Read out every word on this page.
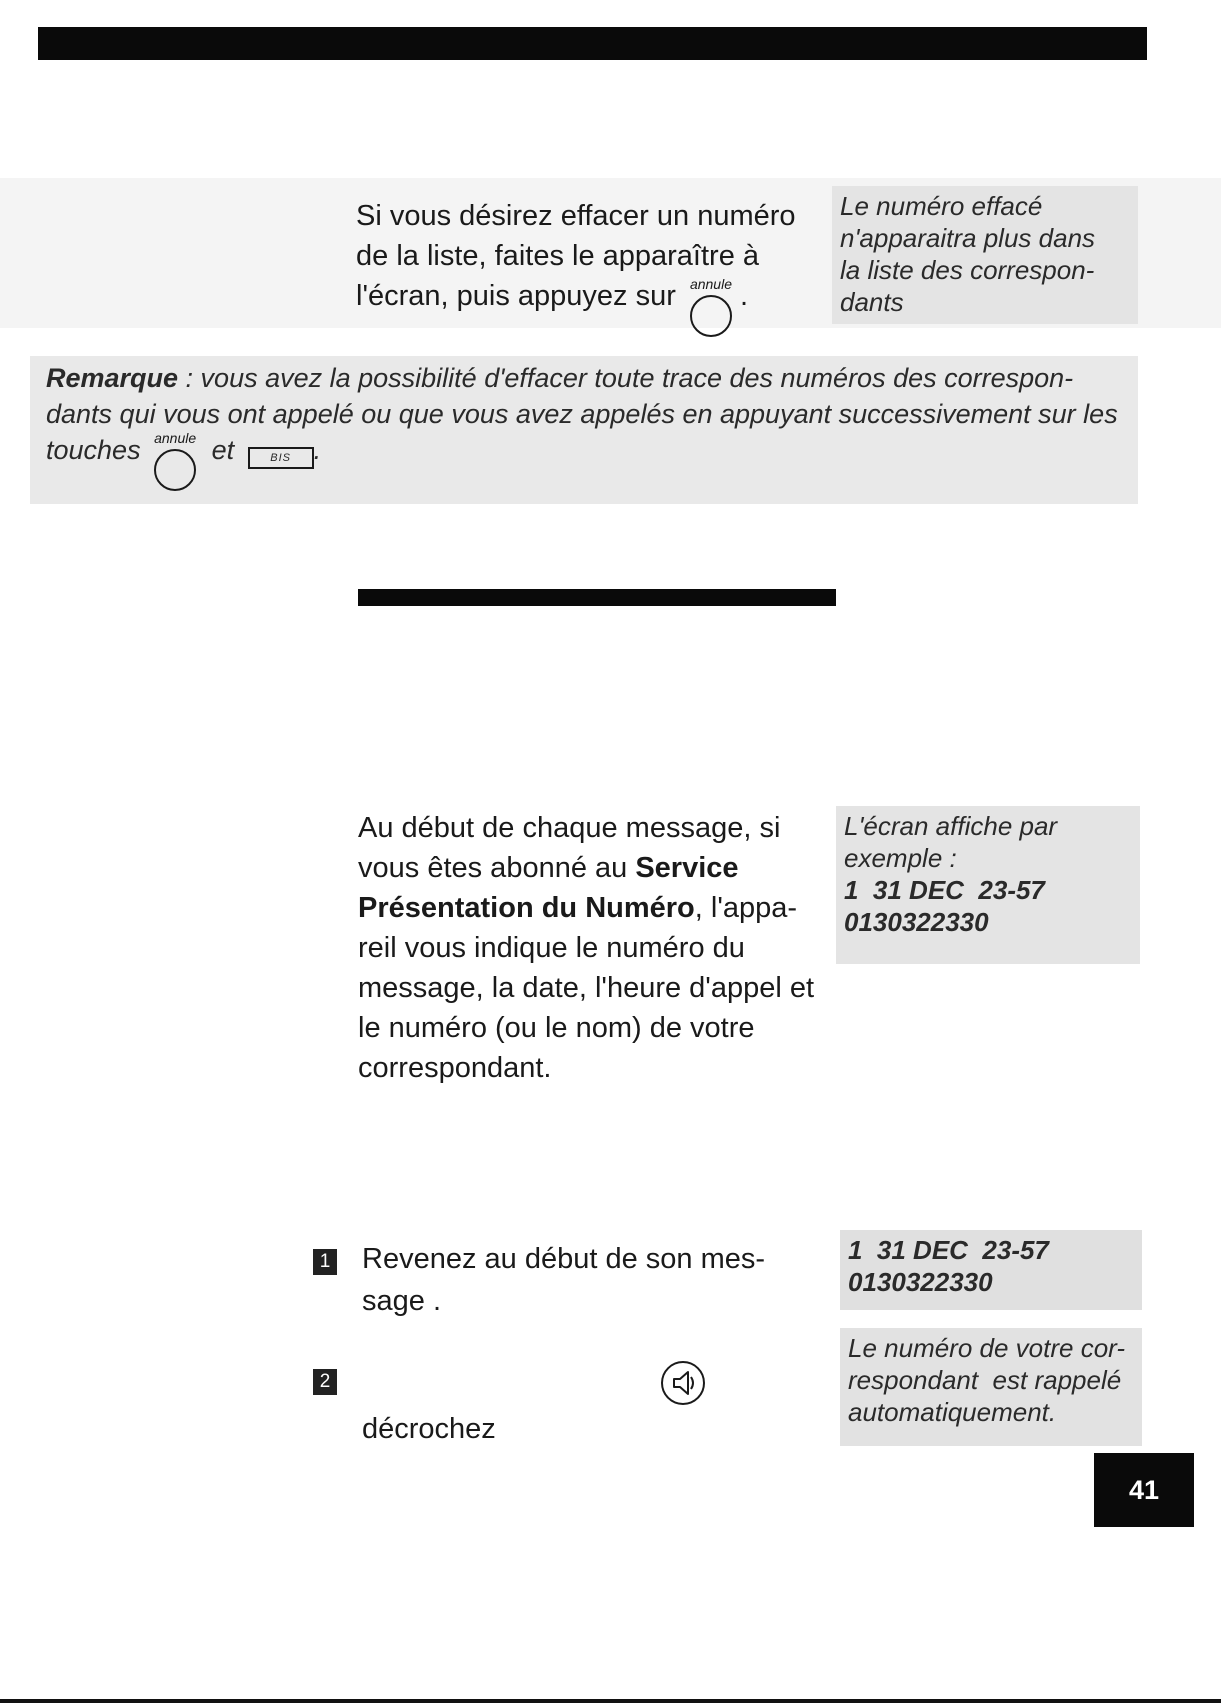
Si vous désirez effacer un numéro de la liste, faites le apparaître à l'écran, puis appuyez sur annule .
Le numéro effacé
n'apparaitra plus dans
la liste des correspon-
dants
Remarque : vous avez la possibilité d'effacer toute trace des numéros des correspon-dants qui vous ont appelé ou que vous avez appelés en appuyant successivement sur les touches annule et	BIS .
Au début de chaque message, si vous êtes abonné au Service Présentation du Numéro, l'appa-reil vous indique le numéro du message, la date, l'heure d'appel et le numéro (ou le nom) de votre correspondant.
L'écran affiche par
exemple :
1  31 DEC  23-57
0130322330
1 Revenez au début de son mes-sage .
2
décrochez
1  31 DEC  23-57
0130322330
Le numéro de votre cor-
respondant  est rappelé
automatiquement.
41
